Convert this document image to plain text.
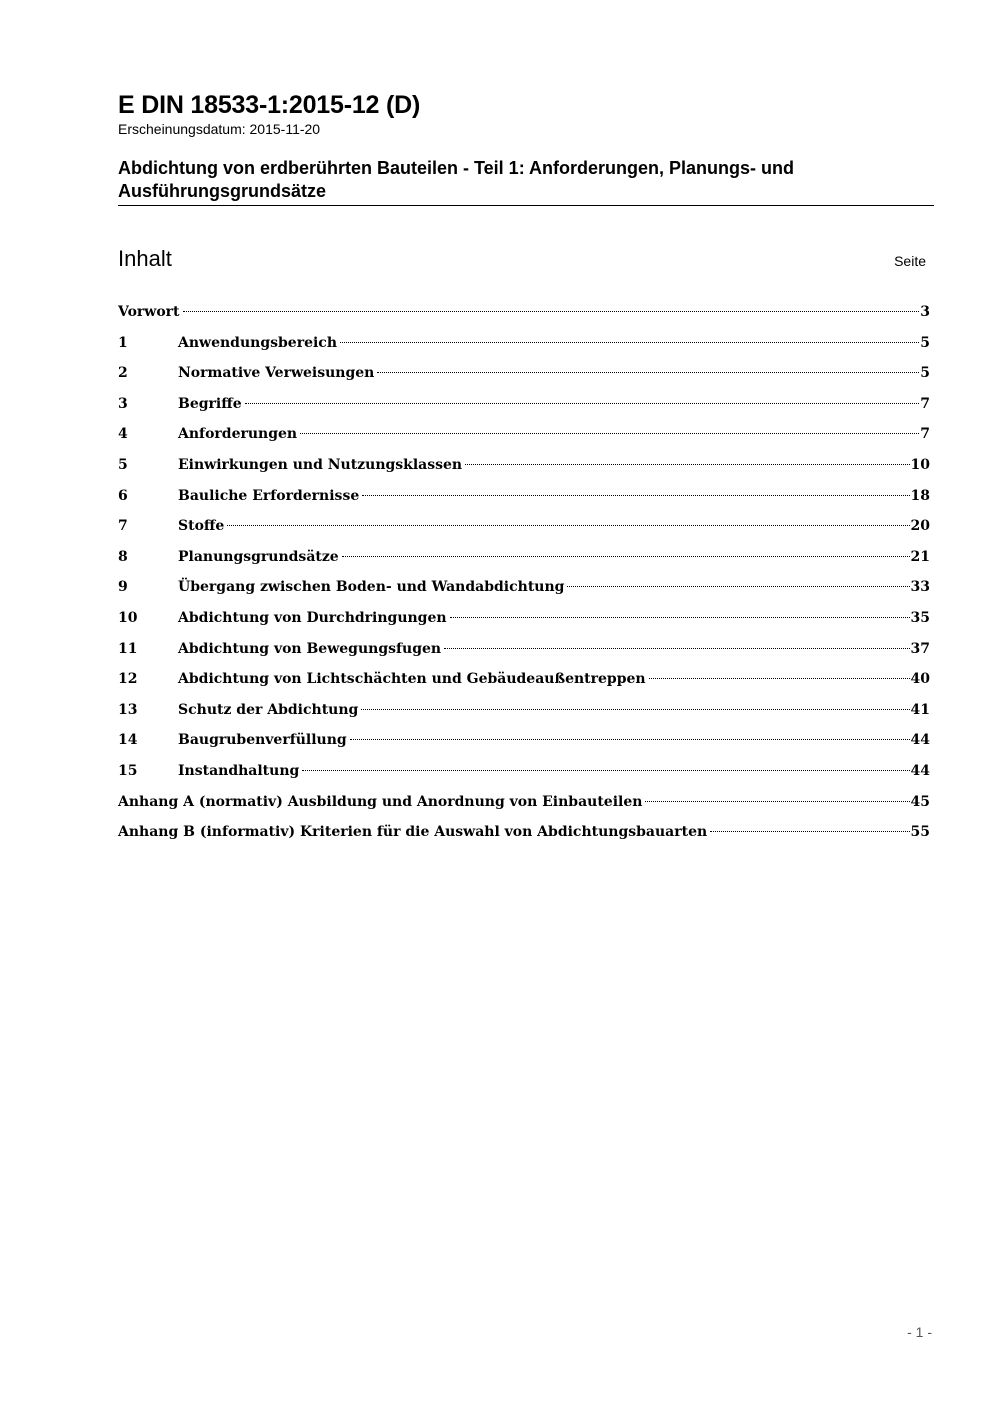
E DIN 18533-1:2015-12 (D)

Erscheinungsdatum: 2015-11-20

Abdichtung von erdberührten Bauteilen - Teil 1: Anforderungen, Planungs- und Ausführungsgrundsätze

Inhalt	Seite
Vorwort	3
1	Anwendungsbereich	5
2	Normative Verweisungen	5
3	Begriffe	7
4	Anforderungen	7
5	Einwirkungen und Nutzungsklassen	10
6	Bauliche Erfordernisse	18
7	Stoffe	20
8	Planungsgrundsätze	21
9	Übergang zwischen Boden- und Wandabdichtung	33
10	Abdichtung von Durchdringungen	35
11	Abdichtung von Bewegungsfugen	37
12	Abdichtung von Lichtschächten und Gebäudeaußentreppen	40
13	Schutz der Abdichtung	41
14	Baugrubenverfüllung	44
15	Instandhaltung	44
Anhang A (normativ) Ausbildung und Anordnung von Einbauteilen	45
Anhang B (informativ) Kriterien für die Auswahl von Abdichtungsbauarten	55
- 1 -
